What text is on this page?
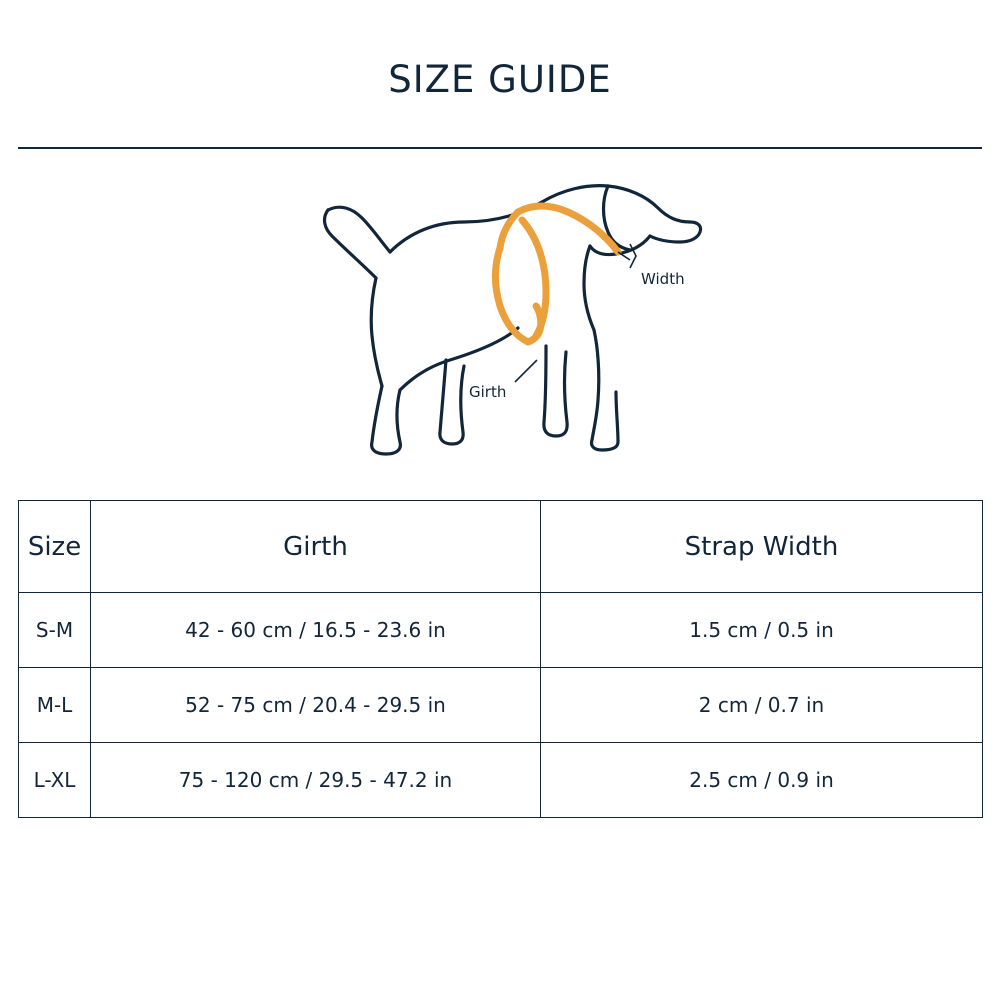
SIZE GUIDE
Width
Girth
Size	Girth	Strap Width
S-M	42 - 60 cm / 16.5 - 23.6 in	1.5 cm / 0.5 in
M-L	52 - 75 cm / 20.4 - 29.5 in	2 cm / 0.7 in
L-XL	75 - 120 cm / 29.5 - 47.2 in	2.5 cm / 0.9 in
